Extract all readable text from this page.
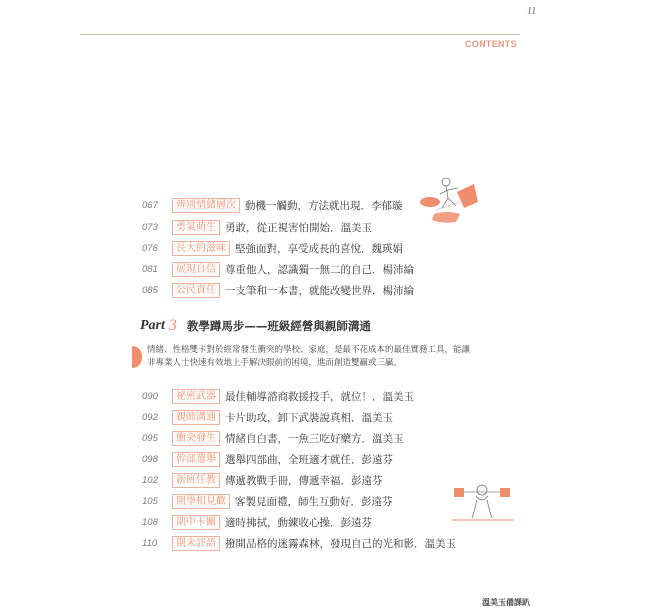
11
CONTENTS
067	辨別情緒層次 動機一觸動，方法就出現．李郁璇
073	勇氣萌生 勇敢，從正視害怕開始．溫美玉
076	長大的滋味 堅強面對，享受成長的喜悅．魏瑛娟
081	展現自信 尊重他人，認識獨一無二的自己．楊沛綸
085	公民責任 一支筆和一本書，就能改變世界．楊沛綸
Part 3 教學蹲馬步——班級經營與親師溝通
情緒、性格雙卡對於經常發生衝突的學校、家庭，是最不花成本的最佳實務工具，能讓非專業人士快速有效地上手解決眼前的困境，進而創造雙贏或三贏。
090	祕密武器 最佳輔導諮商救援投手，就位！．溫美玉
092	親師溝通 卡片助攻，卸下武裝說真相．溫美玉
095	衝突發生 情緒自白書，一魚三吃好藥方．溫美玉
098	幹部選舉 選舉四部曲，全班適才就任．彭遠芬
102	新班任教 傳遞教戰手冊，傳遞幸福．彭遠芬
105	開學相見歡 客製見面禮，師生互動好．彭遠芬
108	期中卡關 適時拂拭，動練收心操．彭遠芬
110	期末評語 撥開品格的迷霧森林，發現自己的光和影．溫美玉
溫美玉備課趴
